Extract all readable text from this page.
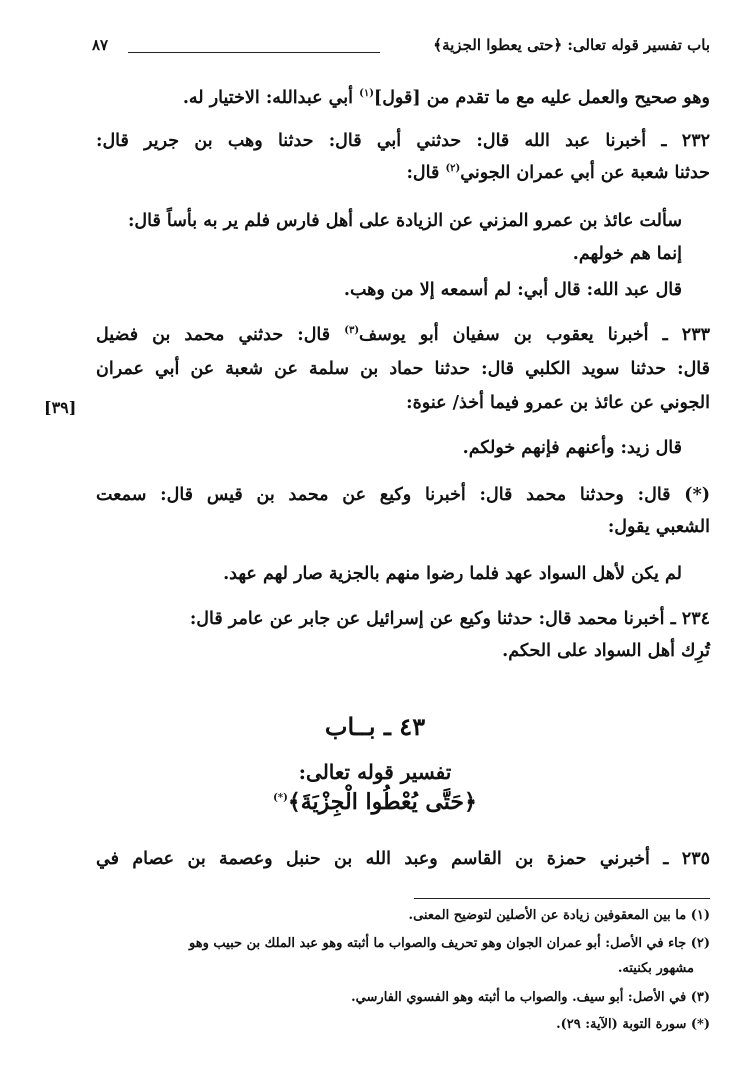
باب تفسير قوله تعالى: ﴿حتى يعطوا الجزية﴾
٨٧
وهو صحيح والعمل عليه مع ما تقدم من [قول]$^{(١)}$ أبي عبدالله: الاختيار له.
٢٣٢ ـ أخبرنا عبد الله قال: حدثني أبي قال: حدثنا وهب بن جرير قال:
حدثنا شعبة عن أبي عمران الجوني$^{(٢)}$ قال:
سألت عائذ بن عمرو المزني عن الزيادة على أهل فارس فلم ير به بأساً قال:
إنما هم خولهم.
قال عبد الله: قال أبي: لم أسمعه إلا من وهب.
٢٣٣ ـ أخبرنا يعقوب بن سفيان أبو يوسف$^{(٣)}$ قال: حدثني محمد بن فضيل
قال: حدثنا سويد الكلبي قال: حدثنا حماد بن سلمة عن شعبة عن أبي عمران
الجوني عن عائذ بن عمرو فيما أخذ/ عنوة:
[٣٩]
قال زيد: وأعنهم فإنهم خولكم.
(*) قال: وحدثنا محمد قال: أخبرنا وكيع عن محمد بن قيس قال: سمعت
الشعبي يقول:
لم يكن لأهل السواد عهد فلما رضوا منهم بالجزية صار لهم عهد.
٢٣٤ ـ أخبرنا محمد قال: حدثنا وكيع عن إسرائيل عن جابر عن عامر قال:
تُرِك أهل السواد على الحكم.
٤٣ ـ بــاب
تفسير قوله تعالى:
﴿حَتَّى يُعْطُوا الْجِزْيَةَ﴾(*)
٢٣٥ ـ أخبرني حمزة بن القاسم وعبد الله بن حنبل وعصمة بن عصام في
(١) ما بين المعقوفين زيادة عن الأصلين لتوضيح المعنى.
(٢) جاء في الأصل: أبو عمران الجوان وهو تحريف والصواب ما أثبته وهو عبد الملك بن حبيب وهو
مشهور بكنيته.
(٣) في الأصل: أبو سيف. والصواب ما أثبته وهو الفسوي الفارسي.
(*) سورة التوبة (الآية: ٢٩).
